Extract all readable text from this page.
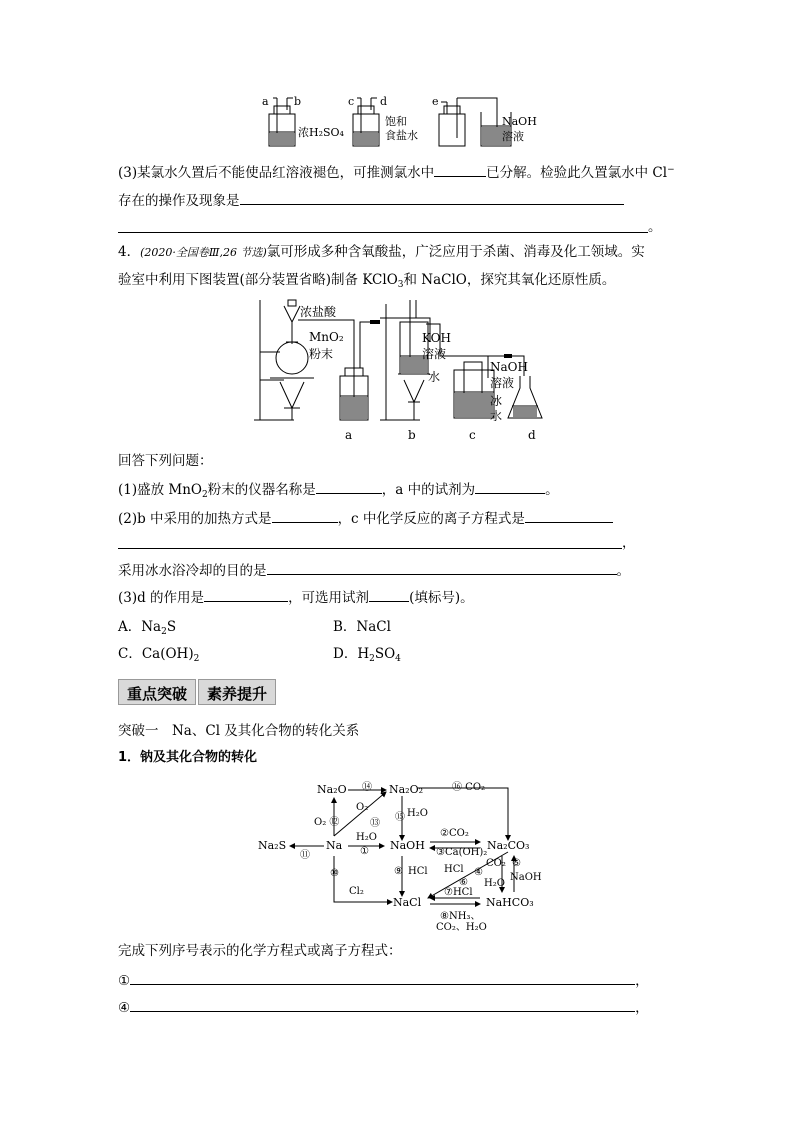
a b	c d	e
浓H₂SO₄
饱和
食盐水
NaOH
溶液
(3)某氯水久置后不能使品红溶液褪色，可推测氯水中	已分解。检验此久置氯水中 Cl−
存在的操作及现象是
。
4．(2020·全国卷Ⅲ,26 节选)氯可形成多种含氧酸盐，广泛应用于杀菌、消毒及化工领域。实
验室中利用下图装置(部分装置省略)制备 KClO$_3$和 NaClO，探究其氧化还原性质。
浓盐酸
MnO₂
粉末
KOH
溶液
水
NaOH
溶液
冰
水
a	b	c	d
回答下列问题：
(1)盛放 MnO$_2$粉末的仪器名称是	，a 中的试剂为	。
(2)b 中采用的加热方式是	，c 中化学反应的离子方程式是
，
采用冰水浴冷却的目的是	。
(3)d 的作用是	，可选用试剂	(填标号)。
A．$Na_2S$	B．NaCl
C．$Ca(OH)_2$	D．$H_2SO_4$
重点突破	素养提升
突破一　Na、Cl 及其化合物的转化关系
1．钠及其化合物的转化
Na₂O	Na₂O₂
Na₂S	Na	NaOH	Na₂CO₃
NaCl	NaHCO₃
⑭	⑯ CO₂
O₂ ⑫
O₂
⑬
⑮ H₂O
⑪
H₂O
①
②CO₂
③Ca(OH)₂
⑩	⑨ HCl HCl
CO₂
④
⑤
NaOH
⑥ H₂O
⑦HCl
Cl₂
⑧NH₃、
CO₂、H₂O
完成下列序号表示的化学方程式或离子方程式：
①	，
④	，
